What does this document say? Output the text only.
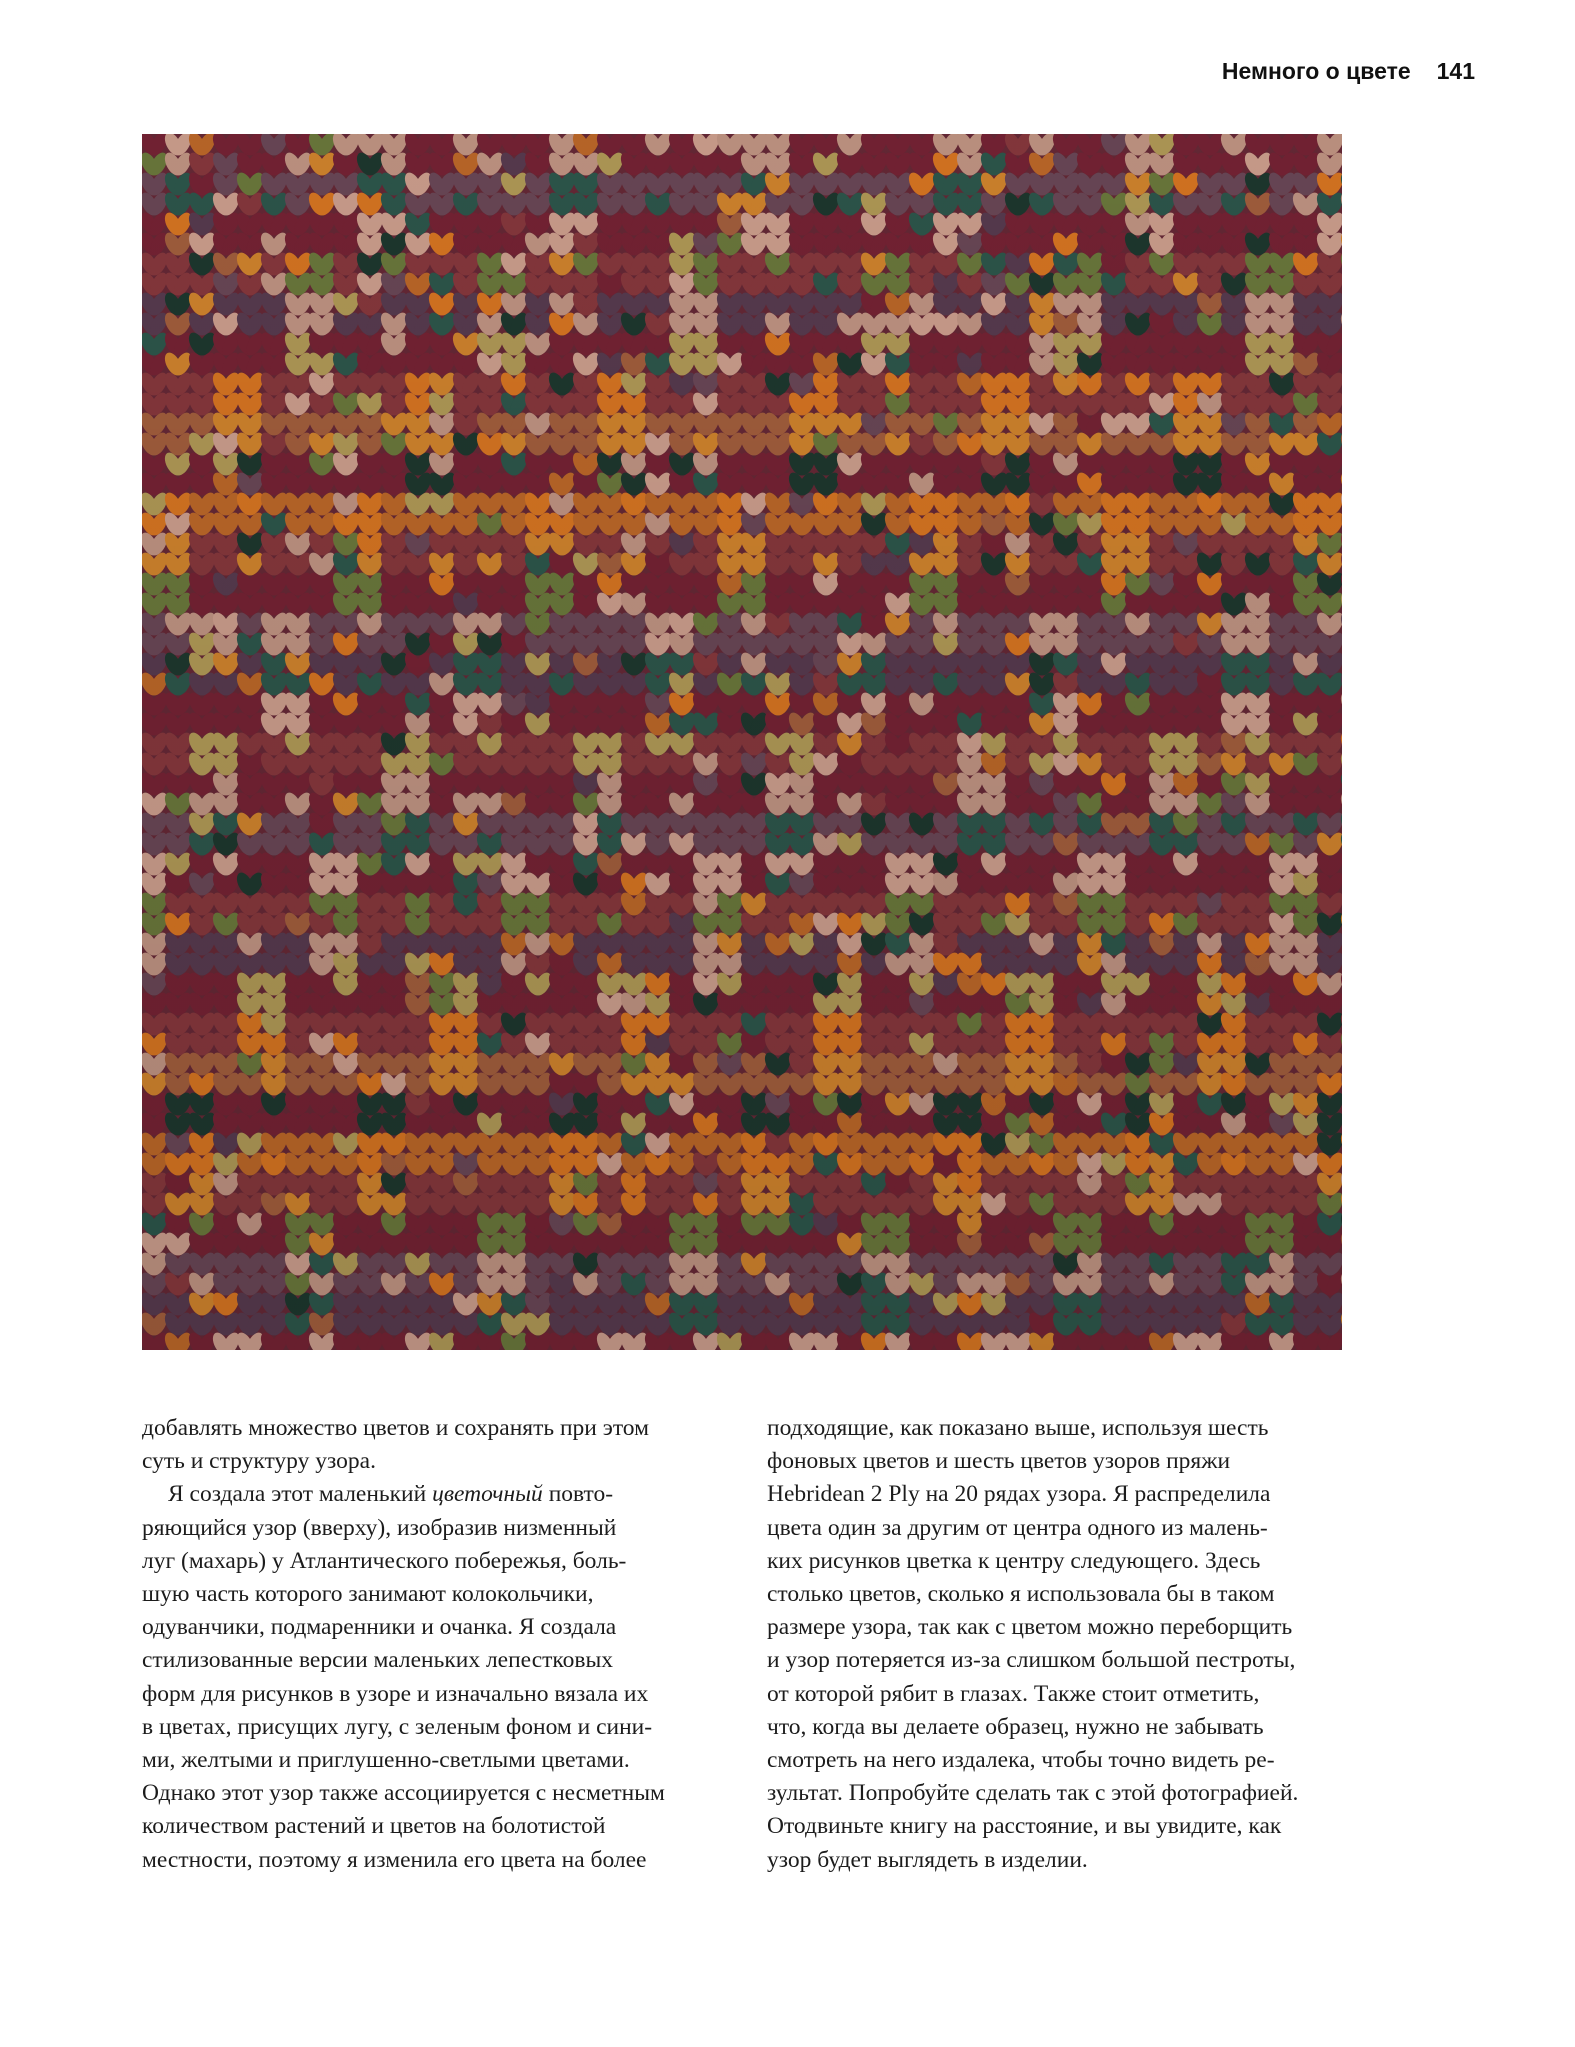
Немного о цвете 141
добавлять множество цветов и сохранять при этом
суть и структуру узора.
Я создала этот маленький цветочный повто-
ряющийся узор (вверху), изобразив низменный
луг (махарь) у Атлантического побережья, боль-
шую часть которого занимают колокольчики,
одуванчики, подмаренники и очанка. Я создала
стилизованные версии маленьких лепестковых
форм для рисунков в узоре и изначально вязала их
в цветах, присущих лугу, с зеленым фоном и сини-
ми, желтыми и приглушенно-светлыми цветами.
Однако этот узор также ассоциируется с несметным
количеством растений и цветов на болотистой
местности, поэтому я изменила его цвета на более
подходящие, как показано выше, используя шесть
фоновых цветов и шесть цветов узоров пряжи
Hebridean 2 Ply на 20 рядах узора. Я распределила
цвета один за другим от центра одного из малень-
ких рисунков цветка к центру следующего. Здесь
столько цветов, сколько я использовала бы в таком
размере узора, так как с цветом можно переборщить
и узор потеряется из-за слишком большой пестроты,
от которой рябит в глазах. Также стоит отметить,
что, когда вы делаете образец, нужно не забывать
смотреть на него издалека, чтобы точно видеть ре-
зультат. Попробуйте сделать так с этой фотографией.
Отодвиньте книгу на расстояние, и вы увидите, как
узор будет выглядеть в изделии.
